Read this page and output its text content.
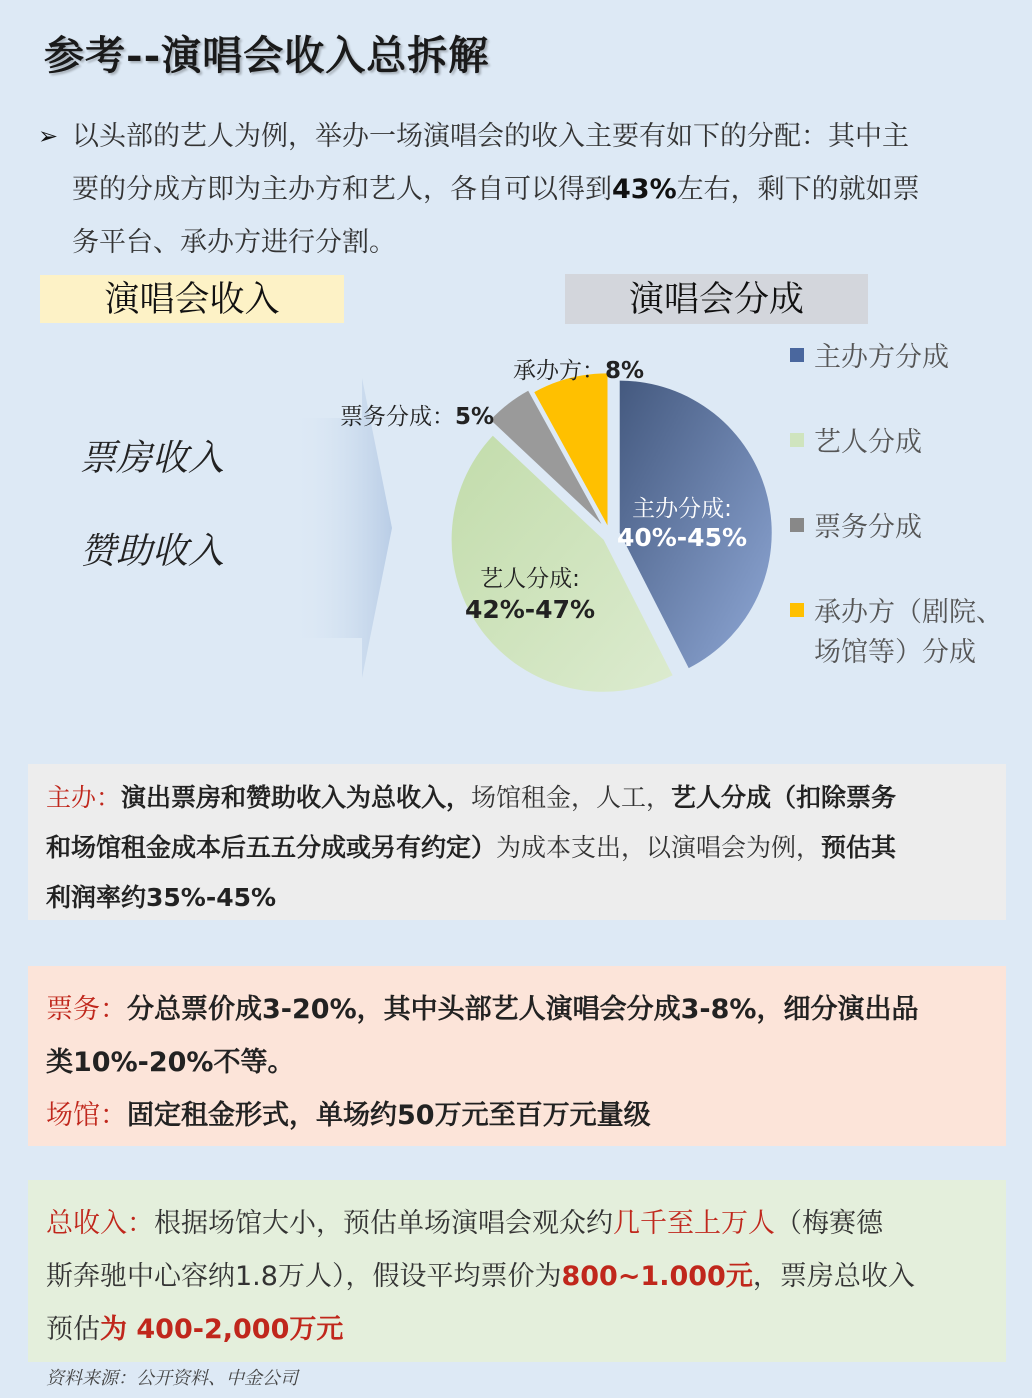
参考--演唱会收入总拆解
➢ 以头部的艺人为例，举办一场演唱会的收入主要有如下的分配：其中主
要的分成方即为主办方和艺人，各自可以得到43%左右，剩下的就如票
务平台、承办方进行分割。
演唱会收入	演唱会分成
票房收入
赞助收入
主办分成:
40%-45%
艺人分成:
42%-47%
票务分成：5%
承办方：8%	主办方分成
艺人分成
票务分成
承办方（剧院、
场馆等）分成
主办：演出票房和赞助收入为总收入，场馆租金，人工，艺人分成（扣除票务
和场馆租金成本后五五分成或另有约定）为成本支出，以演唱会为例，预估其
利润率约35%-45%
票务：分总票价成3-20%，其中头部艺人演唱会分成3-8%，细分演出品
类10%-20%不等。
场馆：固定租金形式，单场约50万元至百万元量级
总收入：根据场馆大小，预估单场演唱会观众约几千至上万人（梅赛德
斯奔驰中心容纳1.8万人），假设平均票价为800~1.000元，票房总收入
预估为 400-2,000万元
资料来源：公开资料、中金公司
